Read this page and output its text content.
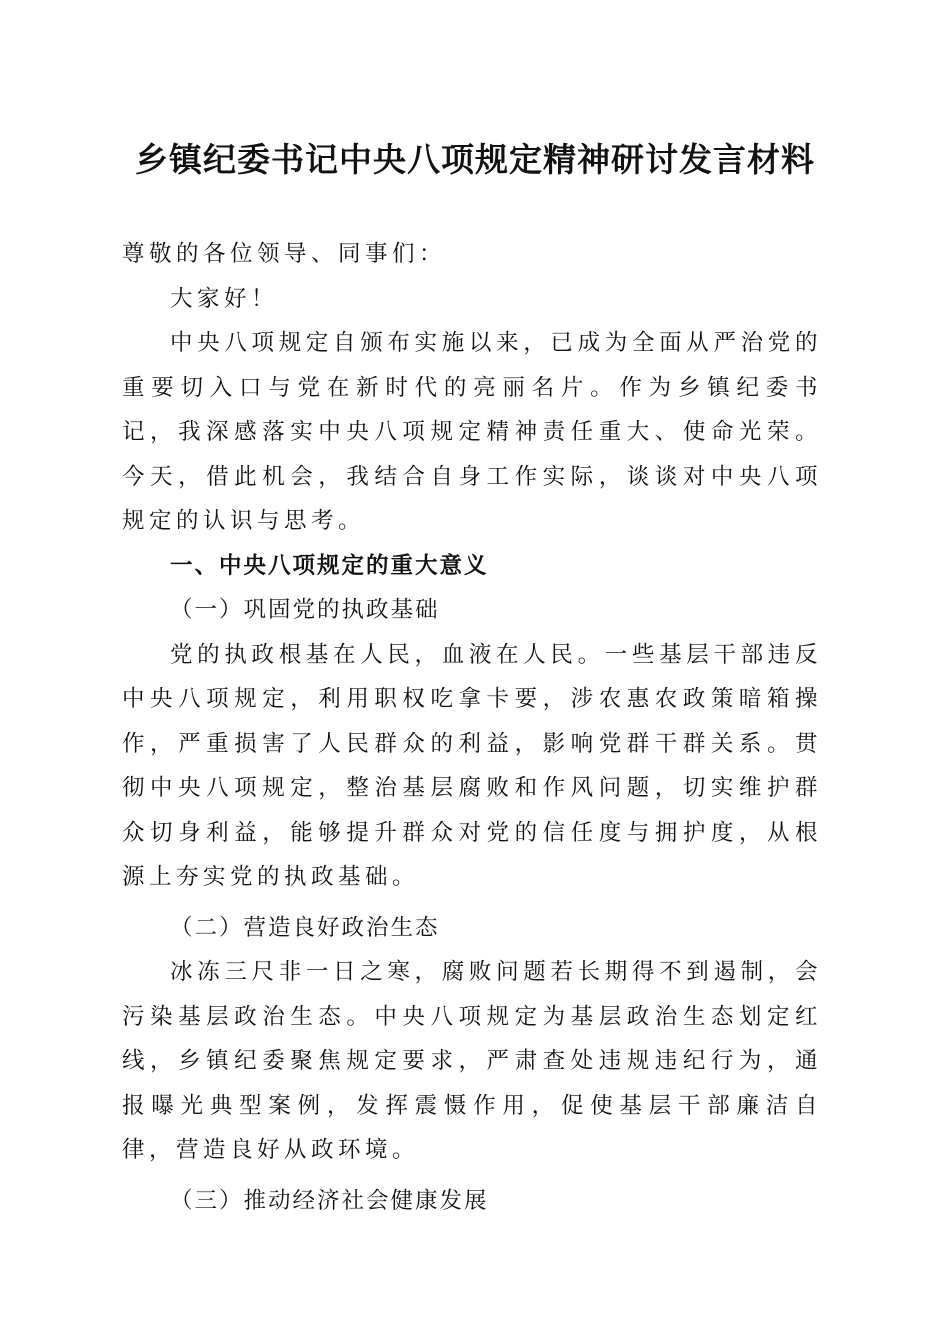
乡镇纪委书记中央八项规定精神研讨发言材料

尊敬的各位领导、同事们：

大家好！

中央八项规定自颁布实施以来，已成为全面从严治党的重要切入口与党在新时代的亮丽名片。作为乡镇纪委书记，我深感落实中央八项规定精神责任重大、使命光荣。今天，借此机会，我结合自身工作实际，谈谈对中央八项规定的认识与思考。

一、中央八项规定的重大意义

（一）巩固党的执政基础

党的执政根基在人民，血液在人民。一些基层干部违反中央八项规定，利用职权吃拿卡要，涉农惠农政策暗箱操作，严重损害了人民群众的利益，影响党群干群关系。贯彻中央八项规定，整治基层腐败和作风问题，切实维护群众切身利益，能够提升群众对党的信任度与拥护度，从根源上夯实党的执政基础。

（二）营造良好政治生态

冰冻三尺非一日之寒，腐败问题若长期得不到遏制，会污染基层政治生态。中央八项规定为基层政治生态划定红线，乡镇纪委聚焦规定要求，严肃查处违规违纪行为，通报曝光典型案例，发挥震慑作用，促使基层干部廉洁自律，营造良好从政环境。

（三）推动经济社会健康发展
